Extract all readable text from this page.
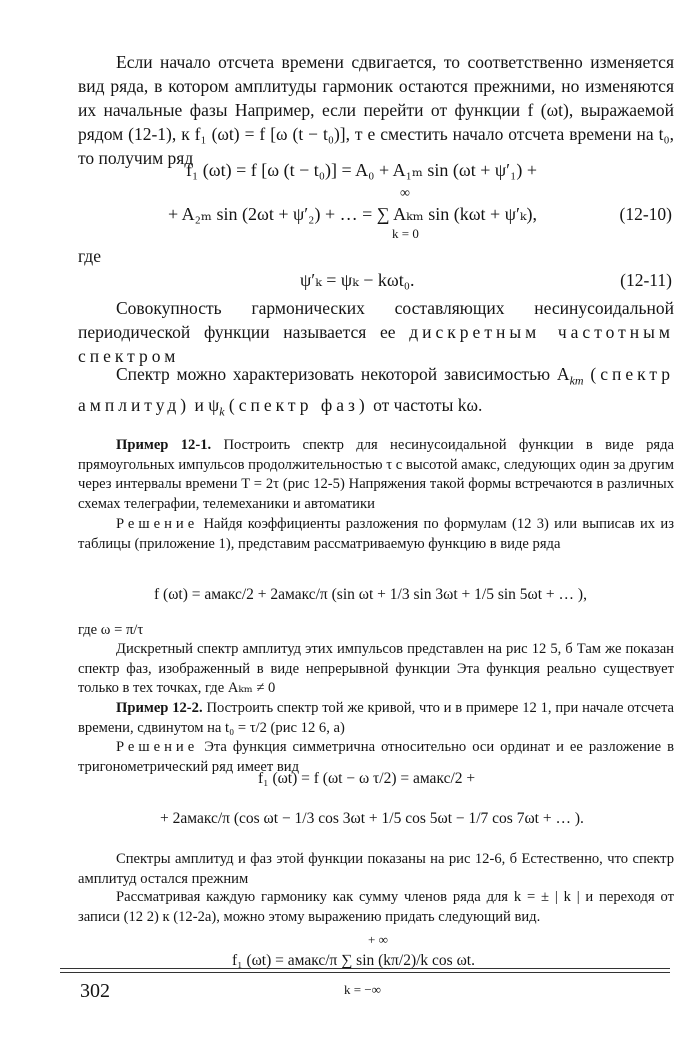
Если начало отсчета времени сдвигается, то соответственно изменяется вид ряда, в котором амплитуды гармоник остаются прежними, но изменяются их начальные фазы Например, если перейти от функции f (ωt), выражаемой рядом (12-1), к f₁ (ωt) = f [ω (t − t₀)], т е сместить начало отсчета времени на t₀, то получим ряд

f₁ (ωt) = f [ω (t − t₀)] = A₀ + A₁ₘ sin (ωt + ψ′₁) +
+ A₂ₘ sin (2ωt + ψ′₂) + … = ∑ Aₖₘ sin (kωt + ψ′ₖ),
∞
k = 0
(12-10)
где
ψ′ₖ = ψₖ − kωt₀.	(12-11)

Совокупность гармонических составляющих несинусоидальной периодической функции называется ее дискретным частотным спектром

Спектр можно характеризовать некоторой зависимостью $A_{km}$ (спектр амплитуд) и $\psi_k$ (спектр фаз) от частоты kω.

Пример 12-1. Построить спектр для несинусоидальной функции в виде ряда прямоугольных импульсов продолжительностью τ с высотой aмакс, следующих один за другим через интервалы времени T = 2τ (рис 12-5) Напряжения такой формы встречаются в различных схемах телеграфии, телемеханики и автоматики

Решение Найдя коэффициенты разложения по формулам (12 3) или выписав их из таблицы (приложение 1), представим рассматриваемую функцию в виде ряда

f (ωt) = aмакс/2 + 2aмакс/π (sin ωt + 1/3 sin 3ωt + 1/5 sin 5ωt + … ),
где ω = π/τ

Дискретный спектр амплитуд этих импульсов представлен на рис 12 5, б Там же показан спектр фаз, изображенный в виде непрерывной функции Эта функция реально существует только в тех точках, где Aₖₘ ≠ 0

Пример 12-2. Построить спектр той же кривой, что и в примере 12 1, при начале отсчета времени, сдвинутом на t₀ = τ/2 (рис 12 6, а)

Решение Эта функция симметрична относительно оси ординат и ее разложение в тригонометрический ряд имеет вид

f₁ (ωt) = f (ωt − ω τ/2) = aмакс/2 +
+ 2aмакс/π (cos ωt − 1/3 cos 3ωt + 1/5 cos 5ωt − 1/7 cos 7ωt + … ).

Спектры амплитуд и фаз этой функции показаны на рис 12-6, б Естественно, что спектр амплитуд остался прежним

Рассматривая каждую гармонику как сумму членов ряда для k = ± | k | и переходя от записи (12 2) к (12-2а), можно этому выражению придать следующий вид.

+ ∞
f₁ (ωt) = aмакс/π ∑ sin (kπ/2)/k cos ωt.
k = −∞
302
